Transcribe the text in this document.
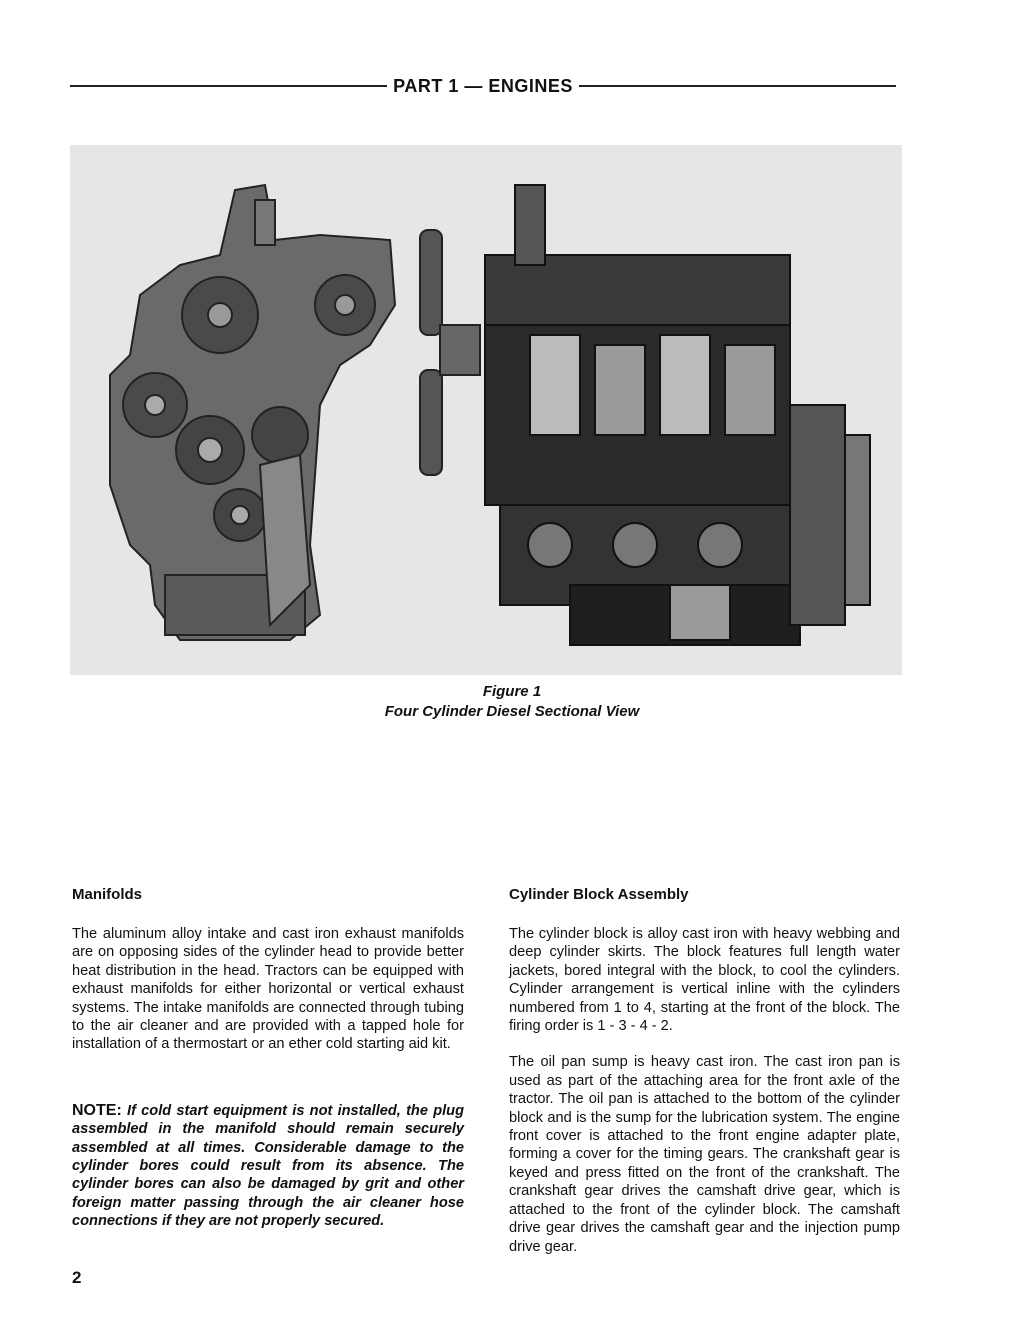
PART 1 — ENGINES
Figure 1
Four Cylinder Diesel Sectional View
Manifolds

The aluminum alloy intake and cast iron exhaust manifolds are on opposing sides of the cylinder head to provide better heat distribution in the head. Tractors can be equipped with exhaust manifolds for either horizontal or vertical exhaust systems. The intake manifolds are connected through tubing to the air cleaner and are provided with a tapped hole for installation of a thermostart or an ether cold starting aid kit.

NOTE: If cold start equipment is not installed, the plug assembled in the manifold should remain securely assembled at all times. Considerable damage to the cylinder bores could result from its absence. The cylinder bores can also be damaged by grit and other foreign matter passing through the air cleaner hose connections if they are not properly secured.

Cylinder Block Assembly

The cylinder block is alloy cast iron with heavy webbing and deep cylinder skirts. The block features full length water jackets, bored integral with the block, to cool the cylinders. Cylinder arrangement is vertical inline with the cylinders numbered from 1 to 4, starting at the front of the block. The firing order is 1 - 3 - 4 - 2.

The oil pan sump is heavy cast iron. The cast iron pan is used as part of the attaching area for the front axle of the tractor. The oil pan is attached to the bottom of the cylinder block and is the sump for the lubrication system. The engine front cover is attached to the front engine adapter plate, forming a cover for the timing gears. The crankshaft gear is keyed and press fitted on the front of the crankshaft. The crankshaft gear drives the camshaft drive gear, which is attached to the front of the cylinder block. The camshaft drive gear drives the camshaft gear and the injection pump drive gear.

2
